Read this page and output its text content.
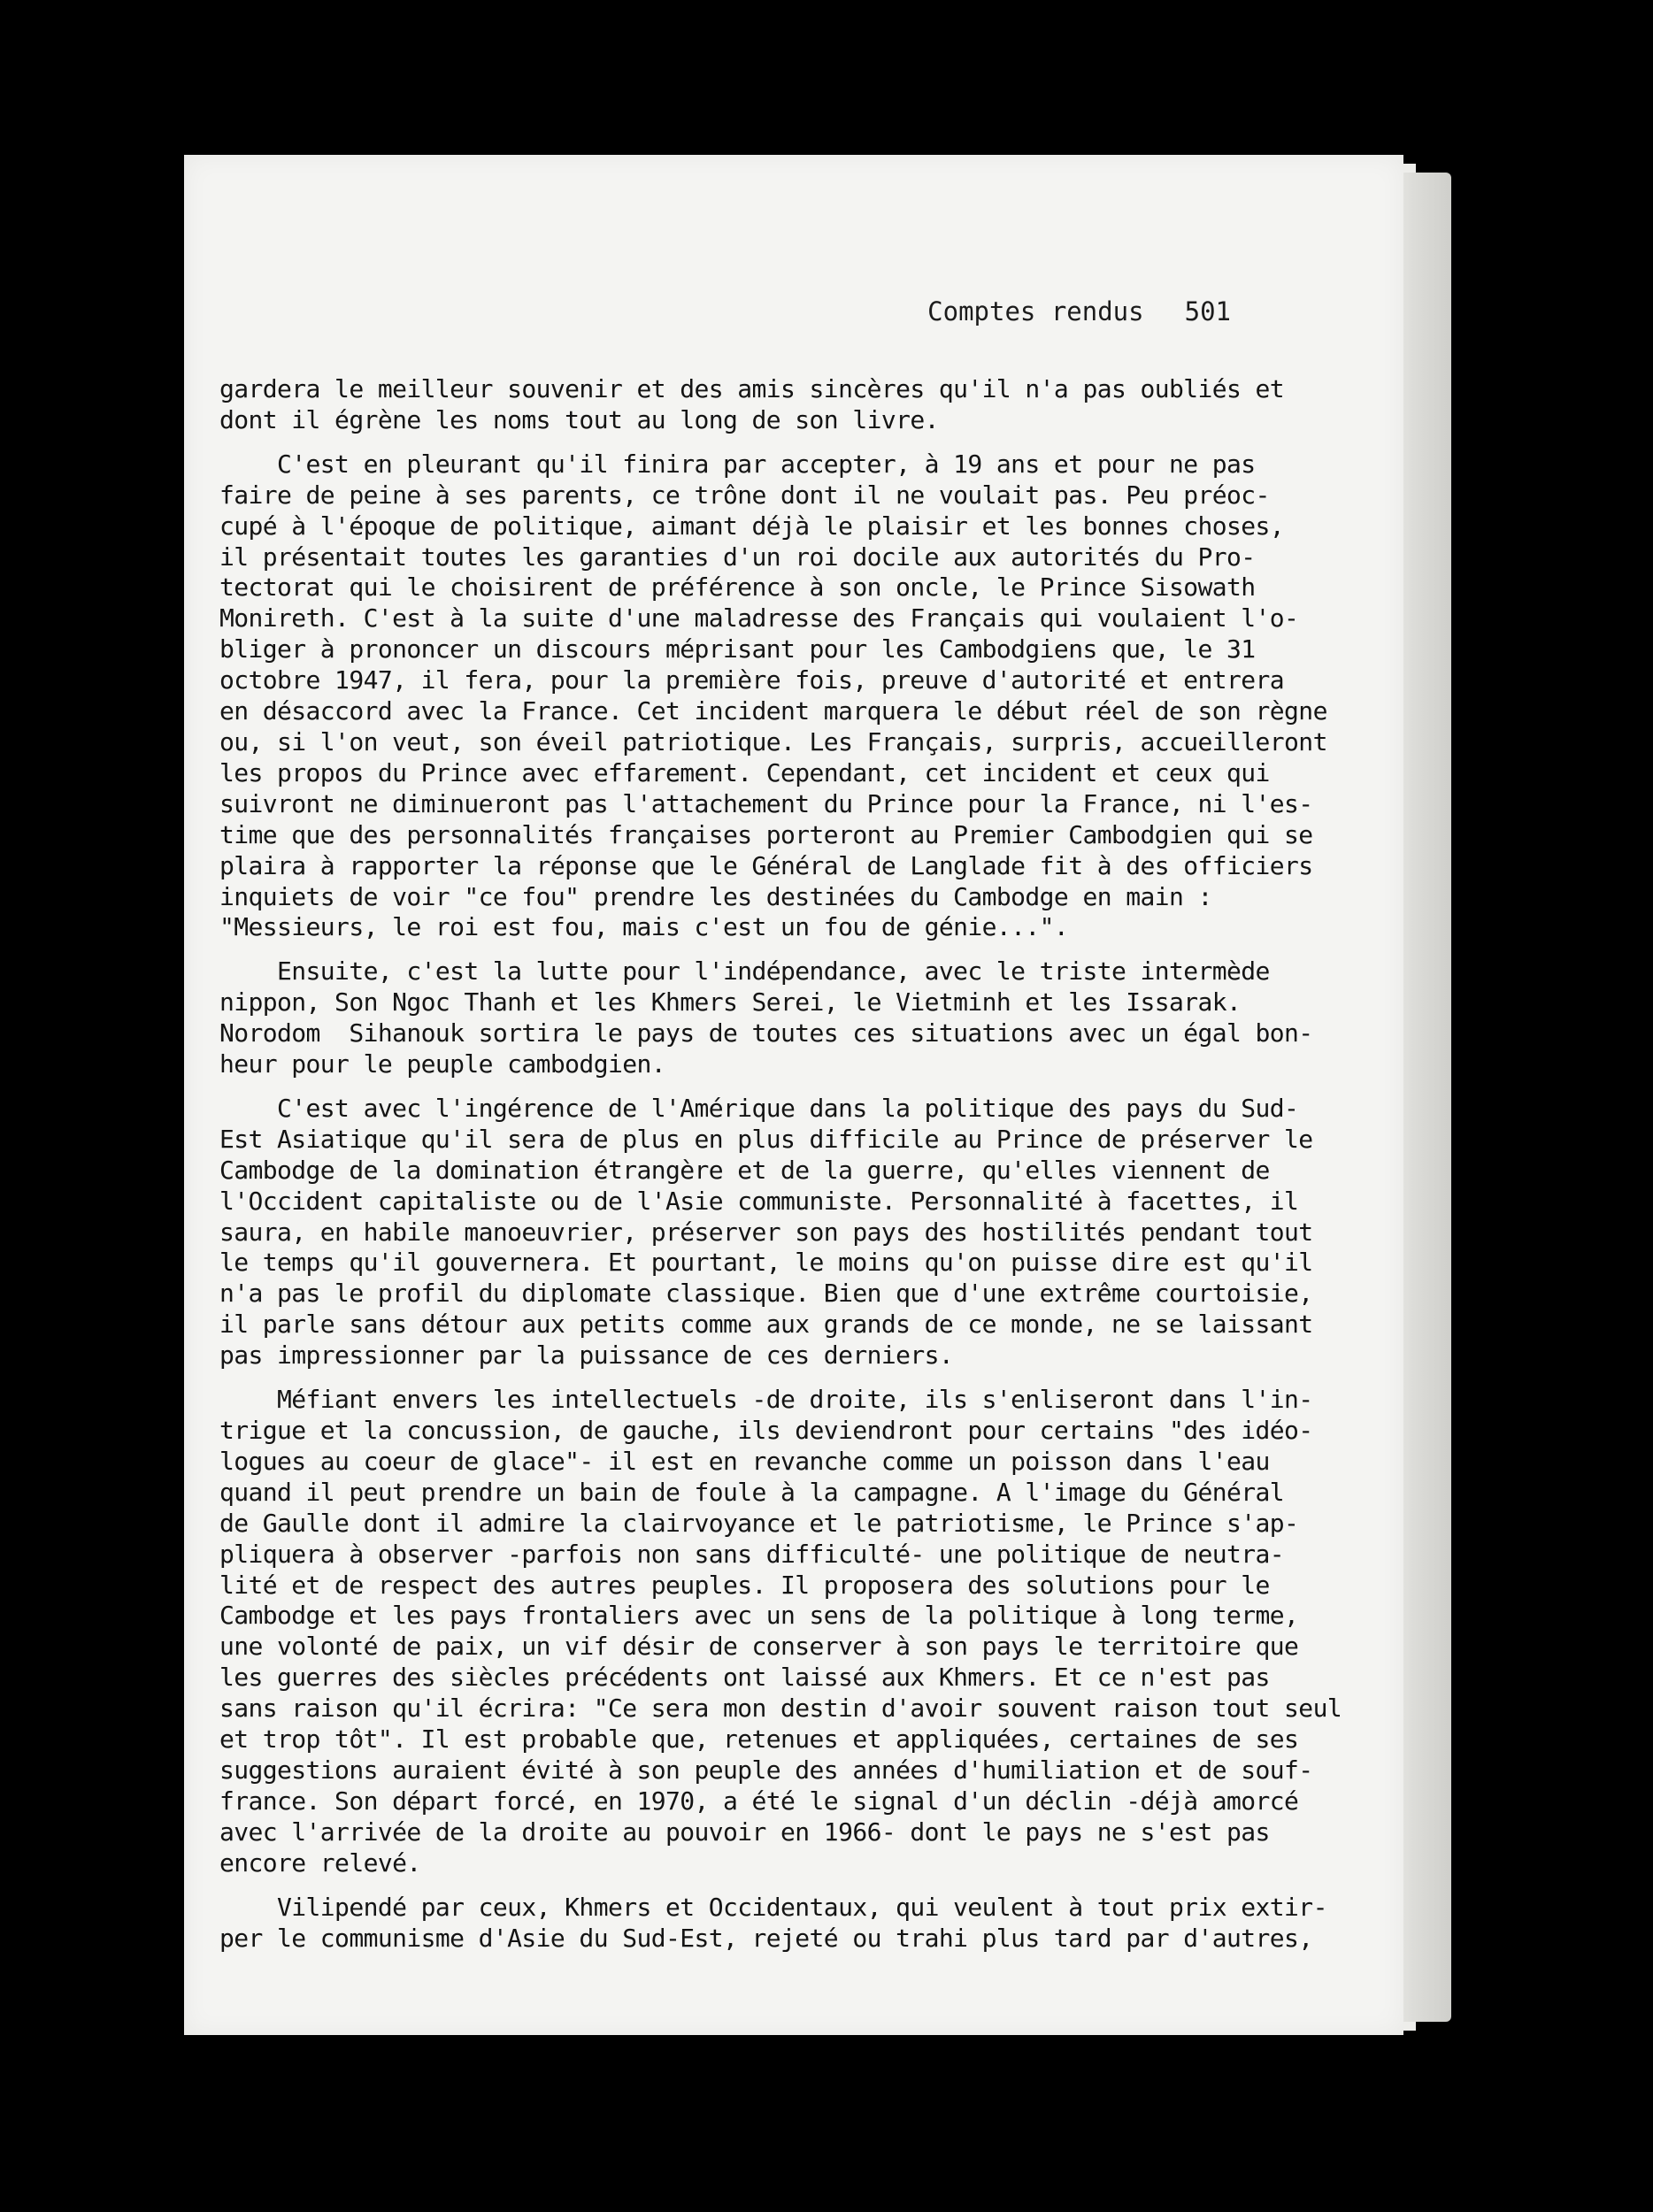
Comptes rendus 501
gardera le meilleur souvenir et des amis sincères qu'il n'a pas oubliés et
dont il égrène les noms tout au long de son livre.
C'est en pleurant qu'il finira par accepter, à 19 ans et pour ne pas
faire de peine à ses parents, ce trône dont il ne voulait pas. Peu préoc-
cupé à l'époque de politique, aimant déjà le plaisir et les bonnes choses,
il présentait toutes les garanties d'un roi docile aux autorités du Pro-
tectorat qui le choisirent de préférence à son oncle, le Prince Sisowath
Monireth. C'est à la suite d'une maladresse des Français qui voulaient l'o-
bliger à prononcer un discours méprisant pour les Cambodgiens que, le 31
octobre 1947, il fera, pour la première fois, preuve d'autorité et entrera
en désaccord avec la France. Cet incident marquera le début réel de son règne
ou, si l'on veut, son éveil patriotique. Les Français, surpris, accueilleront
les propos du Prince avec effarement. Cependant, cet incident et ceux qui
suivront ne diminueront pas l'attachement du Prince pour la France, ni l'es-
time que des personnalités françaises porteront au Premier Cambodgien qui se
plaira à rapporter la réponse que le Général de Langlade fit à des officiers
inquiets de voir "ce fou" prendre les destinées du Cambodge en main :
"Messieurs, le roi est fou, mais c'est un fou de génie...".
Ensuite, c'est la lutte pour l'indépendance, avec le triste intermède
nippon, Son Ngoc Thanh et les Khmers Serei, le Vietminh et les Issarak.
Norodom  Sihanouk sortira le pays de toutes ces situations avec un égal bon-
heur pour le peuple cambodgien.
C'est avec l'ingérence de l'Amérique dans la politique des pays du Sud-
Est Asiatique qu'il sera de plus en plus difficile au Prince de préserver le
Cambodge de la domination étrangère et de la guerre, qu'elles viennent de
l'Occident capitaliste ou de l'Asie communiste. Personnalité à facettes, il
saura, en habile manoeuvrier, préserver son pays des hostilités pendant tout
le temps qu'il gouvernera. Et pourtant, le moins qu'on puisse dire est qu'il
n'a pas le profil du diplomate classique. Bien que d'une extrême courtoisie,
il parle sans détour aux petits comme aux grands de ce monde, ne se laissant
pas impressionner par la puissance de ces derniers.
Méfiant envers les intellectuels -de droite, ils s'enliseront dans l'in-
trigue et la concussion, de gauche, ils deviendront pour certains "des idéo-
logues au coeur de glace"- il est en revanche comme un poisson dans l'eau
quand il peut prendre un bain de foule à la campagne. A l'image du Général
de Gaulle dont il admire la clairvoyance et le patriotisme, le Prince s'ap-
pliquera à observer -parfois non sans difficulté- une politique de neutra-
lité et de respect des autres peuples. Il proposera des solutions pour le
Cambodge et les pays frontaliers avec un sens de la politique à long terme,
une volonté de paix, un vif désir de conserver à son pays le territoire que
les guerres des siècles précédents ont laissé aux Khmers. Et ce n'est pas
sans raison qu'il écrira: "Ce sera mon destin d'avoir souvent raison tout seul
et trop tôt". Il est probable que, retenues et appliquées, certaines de ses
suggestions auraient évité à son peuple des années d'humiliation et de souf-
france. Son départ forcé, en 1970, a été le signal d'un déclin -déjà amorcé
avec l'arrivée de la droite au pouvoir en 1966- dont le pays ne s'est pas
encore relevé.
Vilipendé par ceux, Khmers et Occidentaux, qui veulent à tout prix extir-
per le communisme d'Asie du Sud-Est, rejeté ou trahi plus tard par d'autres,
